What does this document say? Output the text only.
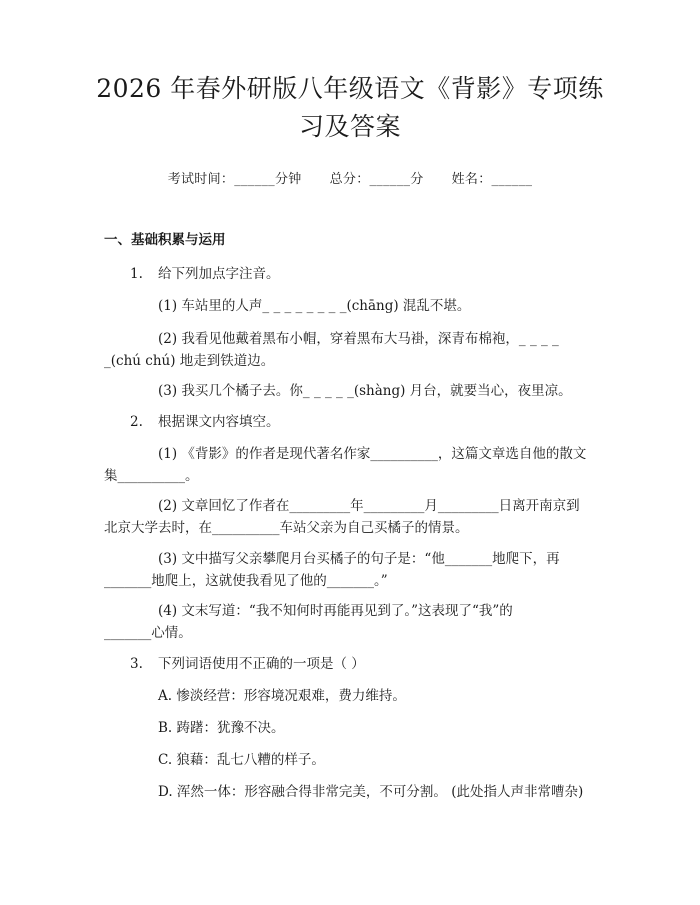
2026 年春外研版八年级语文《背影》专项练
习及答案
考试时间：______分钟 总分：______分 姓名：______
一、基础积累与运用
1. 给下列加点字注音。
(1) 车站里的人声_ _ _ _ _ _ _ _(chāng) 混乱不堪。
(2) 我看见他戴着黑布小帽，穿着黑布大马褂，深青布棉袍，_ _ _ _
_(chú chú) 地走到铁道边。
(3) 我买几个橘子去。你_ _ _ _ _(shàng) 月台，就要当心，夜里凉。
2. 根据课文内容填空。
(1) 《背影》的作者是现代著名作家__________，这篇文章选自他的散文
集__________。
(2) 文章回忆了作者在_________年_________月_________日离开南京到
北京大学去时，在__________车站父亲为自己买橘子的情景。
(3) 文中描写父亲攀爬月台买橘子的句子是：“他_______地爬下，再
_______地爬上，这就使我看见了他的_______。”
(4) 文末写道：“我不知何时再能再见到了。”这表现了“我”的
_______心情。
3. 下列词语使用不正确的一项是（ ）
A. 惨淡经营：形容境况艰难，费力维持。
B. 踌躇：犹豫不决。
C. 狼藉：乱七八糟的样子。
D. 浑然一体：形容融合得非常完美，不可分割。 (此处指人声非常嘈杂)
